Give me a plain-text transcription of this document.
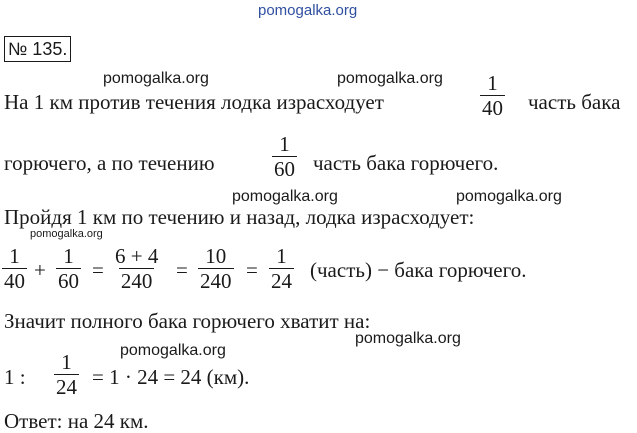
pomogalka.org
№ 135.
pomogalka.org	pomogalka.org
На 1 км против течения лодка израсходует	$\frac{1}{40}$ часть бака
горючего, а по течению	$\frac{1}{60}$ часть бака горючего.
pomogalka.org	pomogalka.org
Пройдя 1 км по течению и назад, лодка израсходует:
pomogalka.org
$\frac{1}{40} + \frac{1}{60} = \frac{6 + 4}{240} = \frac{10}{240} = \frac{1}{24}$ (часть) − бака горючего.
Значит полного бака горючего хватит на:
pomogalka.org
pomogalka.org
1 : $\frac{1}{24} = 1 \cdot 24 = 24$ (км).
Ответ: на 24 км.
